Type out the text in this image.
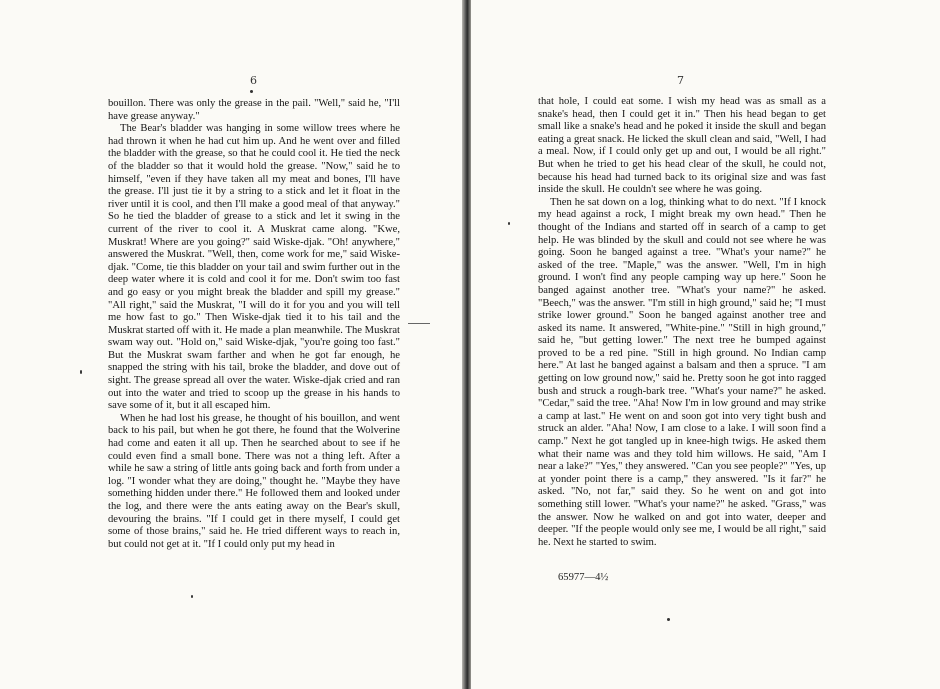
6

bouillon. There was only the grease in the pail. "Well," said he, "I'll have grease anyway."

The Bear's bladder was hanging in some willow trees where he had thrown it when he had cut him up. And he went over and filled the bladder with the grease, so that he could cool it. He tied the neck of the bladder so that it would hold the grease. "Now," said he to himself, "even if they have taken all my meat and bones, I'll have the grease. I'll just tie it by a string to a stick and let it float in the river until it is cool, and then I'll make a good meal of that anyway." So he tied the bladder of grease to a stick and let it swing in the current of the river to cool it. A Muskrat came along. "Kwe, Muskrat! Where are you going?" said Wiske-djak. "Oh! anywhere," answered the Muskrat. "Well, then, come work for me," said Wiske-djak. "Come, tie this bladder on your tail and swim further out in the deep water where it is cold and cool it for me. Don't swim too fast and go easy or you might break the bladder and spill my grease." "All right," said the Muskrat, "I will do it for you and you will tell me how fast to go." Then Wiske-djak tied it to his tail and the Muskrat started off with it. He made a plan meanwhile. The Muskrat swam way out. "Hold on," said Wiske-djak, "you're going too fast." But the Muskrat swam farther and when he got far enough, he snapped the string with his tail, broke the bladder, and dove out of sight. The grease spread all over the water. Wiske-djak cried and ran out into the water and tried to scoop up the grease in his hands to save some of it, but it all escaped him.

When he had lost his grease, he thought of his bouillon, and went back to his pail, but when he got there, he found that the Wolverine had come and eaten it all up. Then he searched about to see if he could even find a small bone. There was not a thing left. After a while he saw a string of little ants going back and forth from under a log. "I wonder what they are doing," thought he. "Maybe they have something hidden under there." He followed them and looked under the log, and there were the ants eating away on the Bear's skull, devouring the brains. "If I could get in there myself, I could get some of those brains," said he. He tried different ways to reach in, but could not get at it. "If I could only put my head in

7

that hole, I could eat some. I wish my head was as small as a snake's head, then I could get it in." Then his head began to get small like a snake's head and he poked it inside the skull and began eating a great snack. He licked the skull clean and said, "Well, I had a meal. Now, if I could only get up and out, I would be all right." But when he tried to get his head clear of the skull, he could not, because his head had turned back to its original size and was fast inside the skull. He couldn't see where he was going.

Then he sat down on a log, thinking what to do next. "If I knock my head against a rock, I might break my own head." Then he thought of the Indians and started off in search of a camp to get help. He was blinded by the skull and could not see where he was going. Soon he banged against a tree. "What's your name?" he asked of the tree. "Maple," was the answer. "Well, I'm in high ground. I won't find any people camping way up here." Soon he banged against another tree. "What's your name?" he asked. "Beech," was the answer. "I'm still in high ground," said he; "I must strike lower ground." Soon he banged against another tree and asked its name. It answered, "White-pine." "Still in high ground," said he, "but getting lower." The next tree he bumped against proved to be a red pine. "Still in high ground. No Indian camp here." At last he banged against a balsam and then a spruce. "I am getting on low ground now," said he. Pretty soon he got into ragged bush and struck a rough-bark tree. "What's your name?" he asked. "Cedar," said the tree. "Aha! Now I'm in low ground and may strike a camp at last." He went on and soon got into very tight bush and struck an alder. "Aha! Now, I am close to a lake. I will soon find a camp." Next he got tangled up in knee-high twigs. He asked them what their name was and they told him willows. He said, "Am I near a lake?" "Yes," they answered. "Can you see people?" "Yes, up at yonder point there is a camp," they answered. "Is it far?" he asked. "No, not far," said they. So he went on and got into something still lower. "What's your name?" he asked. "Grass," was the answer. Now he walked on and got into water, deeper and deeper. "If the people would only see me, I would be all right," said he. Next he started to swim.

65977—4½
